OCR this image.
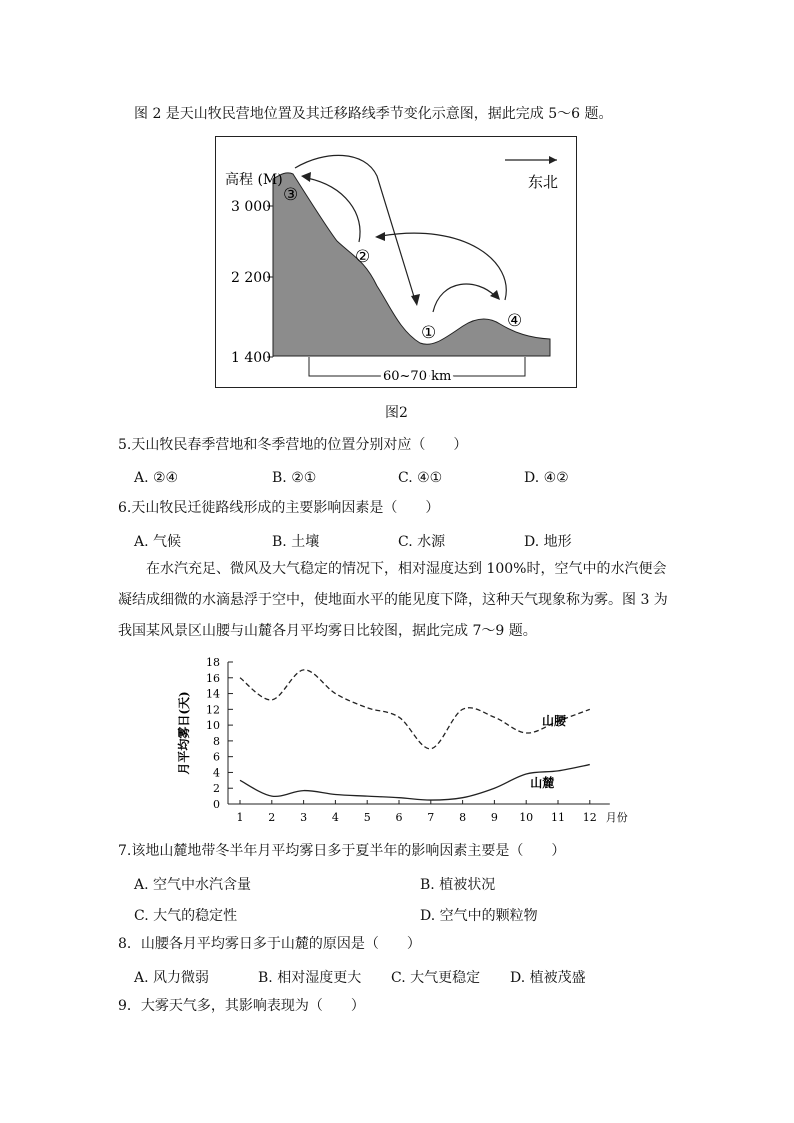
图 2 是天山牧民营地位置及其迁移路线季节变化示意图，据此完成 5～6 题。
高程 (M)
3 000
2 200
1 400
60~70 km
东北
③
②
①
④
图2
5.天山牧民春季营地和冬季营地的位置分别对应（　　）
A. ②④	B. ②①	C. ④①	D. ④②
6.天山牧民迁徙路线形成的主要影响因素是（　　）
A. 气候	B. 土壤	C. 水源	D. 地形
在水汽充足、微风及大气稳定的情况下，相对湿度达到 100%时，空气中的水汽便会凝结成细微的水滴悬浮于空中，使地面水平的能见度下降，这种天气现象称为雾。图 3 为我国某风景区山腰与山麓各月平均雾日比较图，据此完成 7～9 题。
0
2
4
6
8
10
12
14
16
18
1 2 3 4 5 6 7 8 9 10 11 12 月份
月平均雾日(天)	山腰
山麓
7.该地山麓地带冬半年月平均雾日多于夏半年的影响因素主要是（　　）
A. 空气中水汽含量	B. 植被状况
C. 大气的稳定性	D. 空气中的颗粒物
8．山腰各月平均雾日多于山麓的原因是（　　）
A. 风力微弱	B. 相对湿度更大 C. 大气更稳定 D. 植被茂盛
9．大雾天气多，其影响表现为（　　）
